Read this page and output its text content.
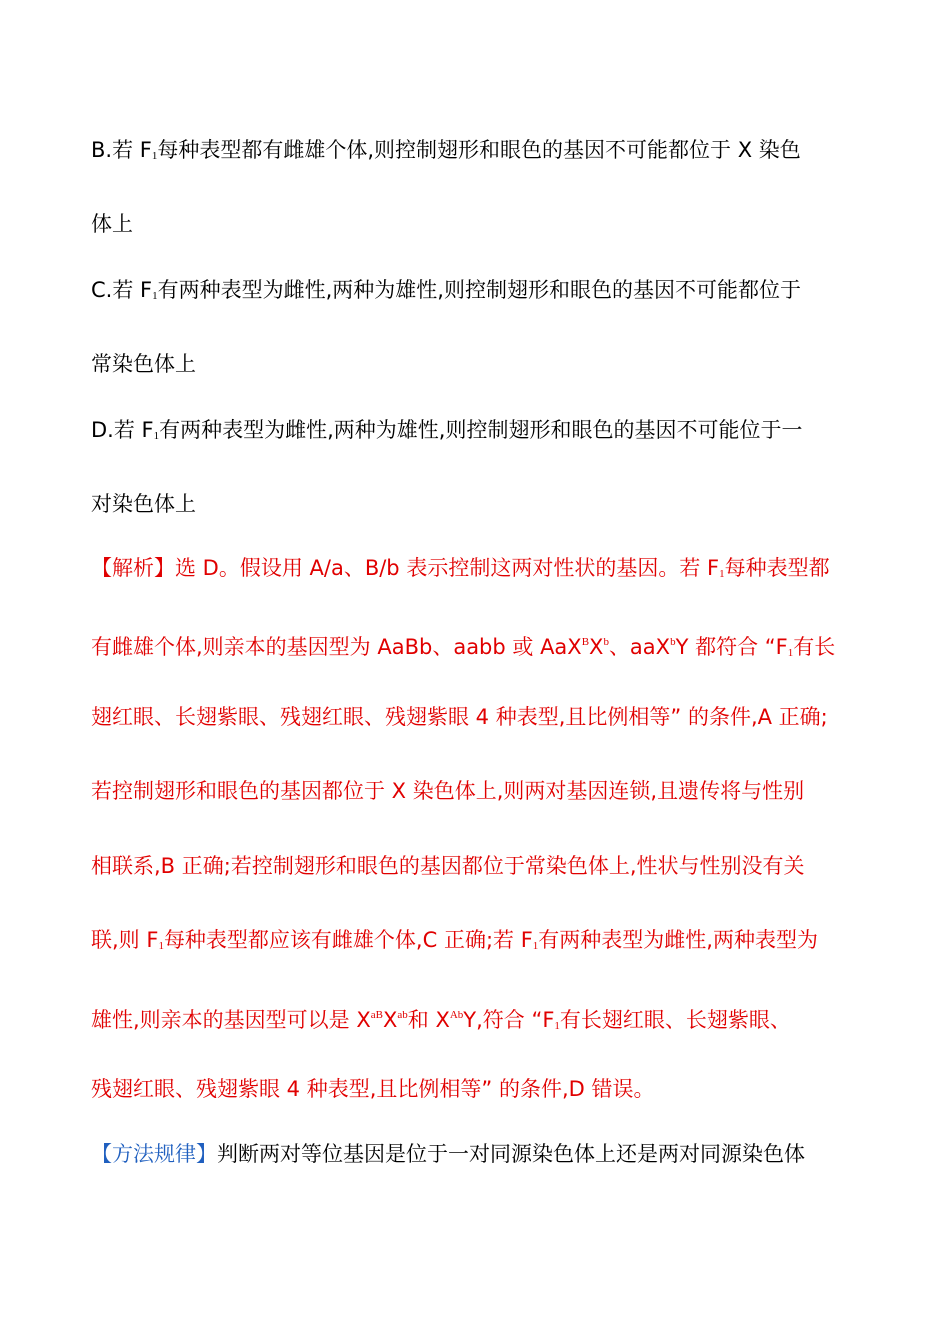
B.若 $F_1$每种表型都有雌雄个体,则控制翅形和眼色的基因不可能都位于 X 染色
体上
C.若 $F_1$有两种表型为雌性,两种为雄性,则控制翅形和眼色的基因不可能都位于
常染色体上
D.若 $F_1$有两种表型为雌性,两种为雄性,则控制翅形和眼色的基因不可能位于一
对染色体上
【解析】选 D。假设用 A/a、B/b 表示控制这两对性状的基因。若 $F_1$每种表型都
有雌雄个体,则亲本的基因型为 AaBb、aabb 或 $AaX^BX^b$、aaX$^b$Y 都符合 “$F_1$有长
翅红眼、长翅紫眼、残翅红眼、残翅紫眼 4 种表型,且比例相等” 的条件,A 正确;
若控制翅形和眼色的基因都位于 X 染色体上,则两对基因连锁,且遗传将与性别
相联系,B 正确;若控制翅形和眼色的基因都位于常染色体上,性状与性别没有关
联,则 $F_1$每种表型都应该有雌雄个体,C 正确;若 $F_1$有两种表型为雌性,两种表型为
雄性,则亲本的基因型可以是 $X^{aB}X^{ab}$和 $X^{Ab}Y$,符合 “$F_1$有长翅红眼、长翅紫眼、
残翅红眼、残翅紫眼 4 种表型,且比例相等” 的条件,D 错误。
【方法规律】判断两对等位基因是位于一对同源染色体上还是两对同源染色体
